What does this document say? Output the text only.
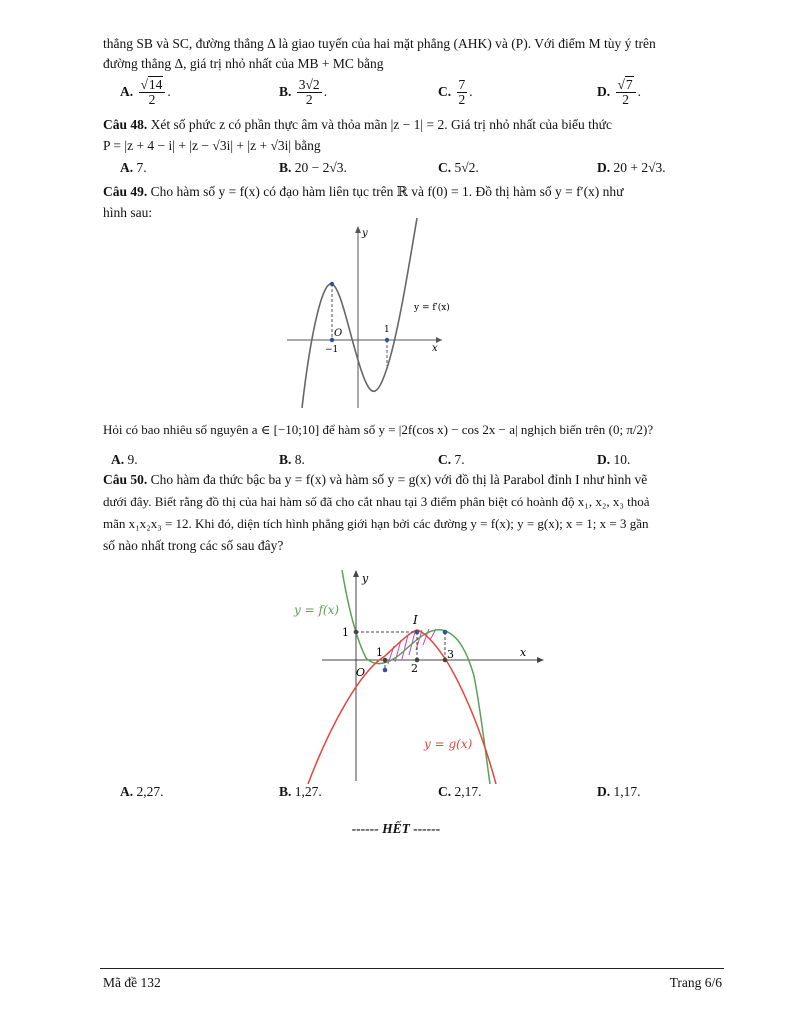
thẳng SB và SC, đường thẳng Δ là giao tuyến của hai mặt phẳng (AHK) và (P). Với điểm M tùy ý trên
đường thẳng Δ, giá trị nhỏ nhất của MB + MC bằng
A. $\frac{√14}{2}$ .	B. $\frac{3√2}{2}$ .	C. $\frac{7}{2}$ .	D. $\frac{√7}{2}$ .
Câu 48. Xét số phức z có phần thực âm và thỏa mãn |z − 1| = 2. Giá trị nhỏ nhất của biểu thức
P = |z + 4 − i| + |z − √3i| + |z + √3i| bằng
A. 7.	B. 20 − 2√3.	C. 5√2.	D. 20 + 2√3.
Câu 49. Cho hàm số y = f(x) có đạo hàm liên tục trên ℝ và f(0) = 1. Đồ thị hàm số y = f′(x) như
hình sau:
y
x
O
−1
1
y = f′(x)
Hỏi có bao nhiêu số nguyên a ∈ [−10;10] để hàm số y = |2f(cos x) − cos 2x − a| nghịch biến trên (0; π/2)?
A. 9.	B. 8.	C. 7.	D. 10.
Câu 50. Cho hàm đa thức bậc ba y = f(x) và hàm số y = g(x) với đồ thị là Parabol đỉnh I như hình vẽ
dưới đây. Biết rằng đồ thị của hai hàm số đã cho cắt nhau tại 3 điểm phân biệt có hoành độ x₁, x₂, x₃ thoả
mãn x₁x₂x₃ = 12. Khi đó, diện tích hình phẳng giới hạn bởi các đường y = f(x); y = g(x); x = 1; x = 3 gần
số nào nhất trong các số sau đây?
y
x
O
1
1
2
3
I
y = f(x)
y = g(x)
A. 2,27.	B. 1,27.	C. 2,17.	D. 1,17.
------ HẾT ------
Mã đề 132	Trang 6/6
